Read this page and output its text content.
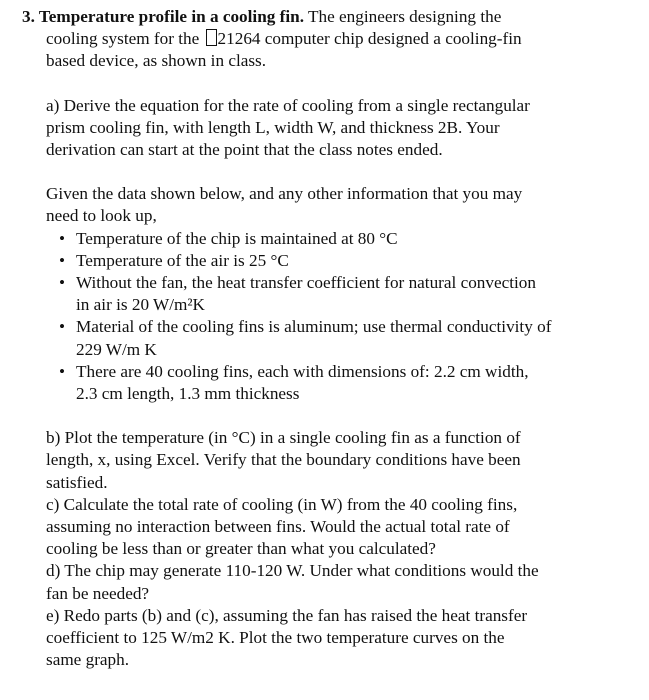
3. Temperature profile in a cooling fin. The engineers designing the
cooling system for the 21264 computer chip designed a cooling-fin
based device, as shown in class.
a) Derive the equation for the rate of cooling from a single rectangular
prism cooling fin, with length L, width W, and thickness 2B. Your
derivation can start at the point that the class notes ended.
Given the data shown below, and any other information that you may
need to look up,
• Temperature of the chip is maintained at 80 °C
• Temperature of the air is 25 °C
• Without the fan, the heat transfer coefficient for natural convection
in air is 20 W/m²K
• Material of the cooling fins is aluminum; use thermal conductivity of
229 W/m K
• There are 40 cooling fins, each with dimensions of: 2.2 cm width,
2.3 cm length, 1.3 mm thickness
b) Plot the temperature (in °C) in a single cooling fin as a function of
length, x, using Excel. Verify that the boundary conditions have been
satisfied.
c) Calculate the total rate of cooling (in W) from the 40 cooling fins,
assuming no interaction between fins. Would the actual total rate of
cooling be less than or greater than what you calculated?
d) The chip may generate 110-120 W. Under what conditions would the
fan be needed?
e) Redo parts (b) and (c), assuming the fan has raised the heat transfer
coefficient to 125 W/m2 K. Plot the two temperature curves on the
same graph.
